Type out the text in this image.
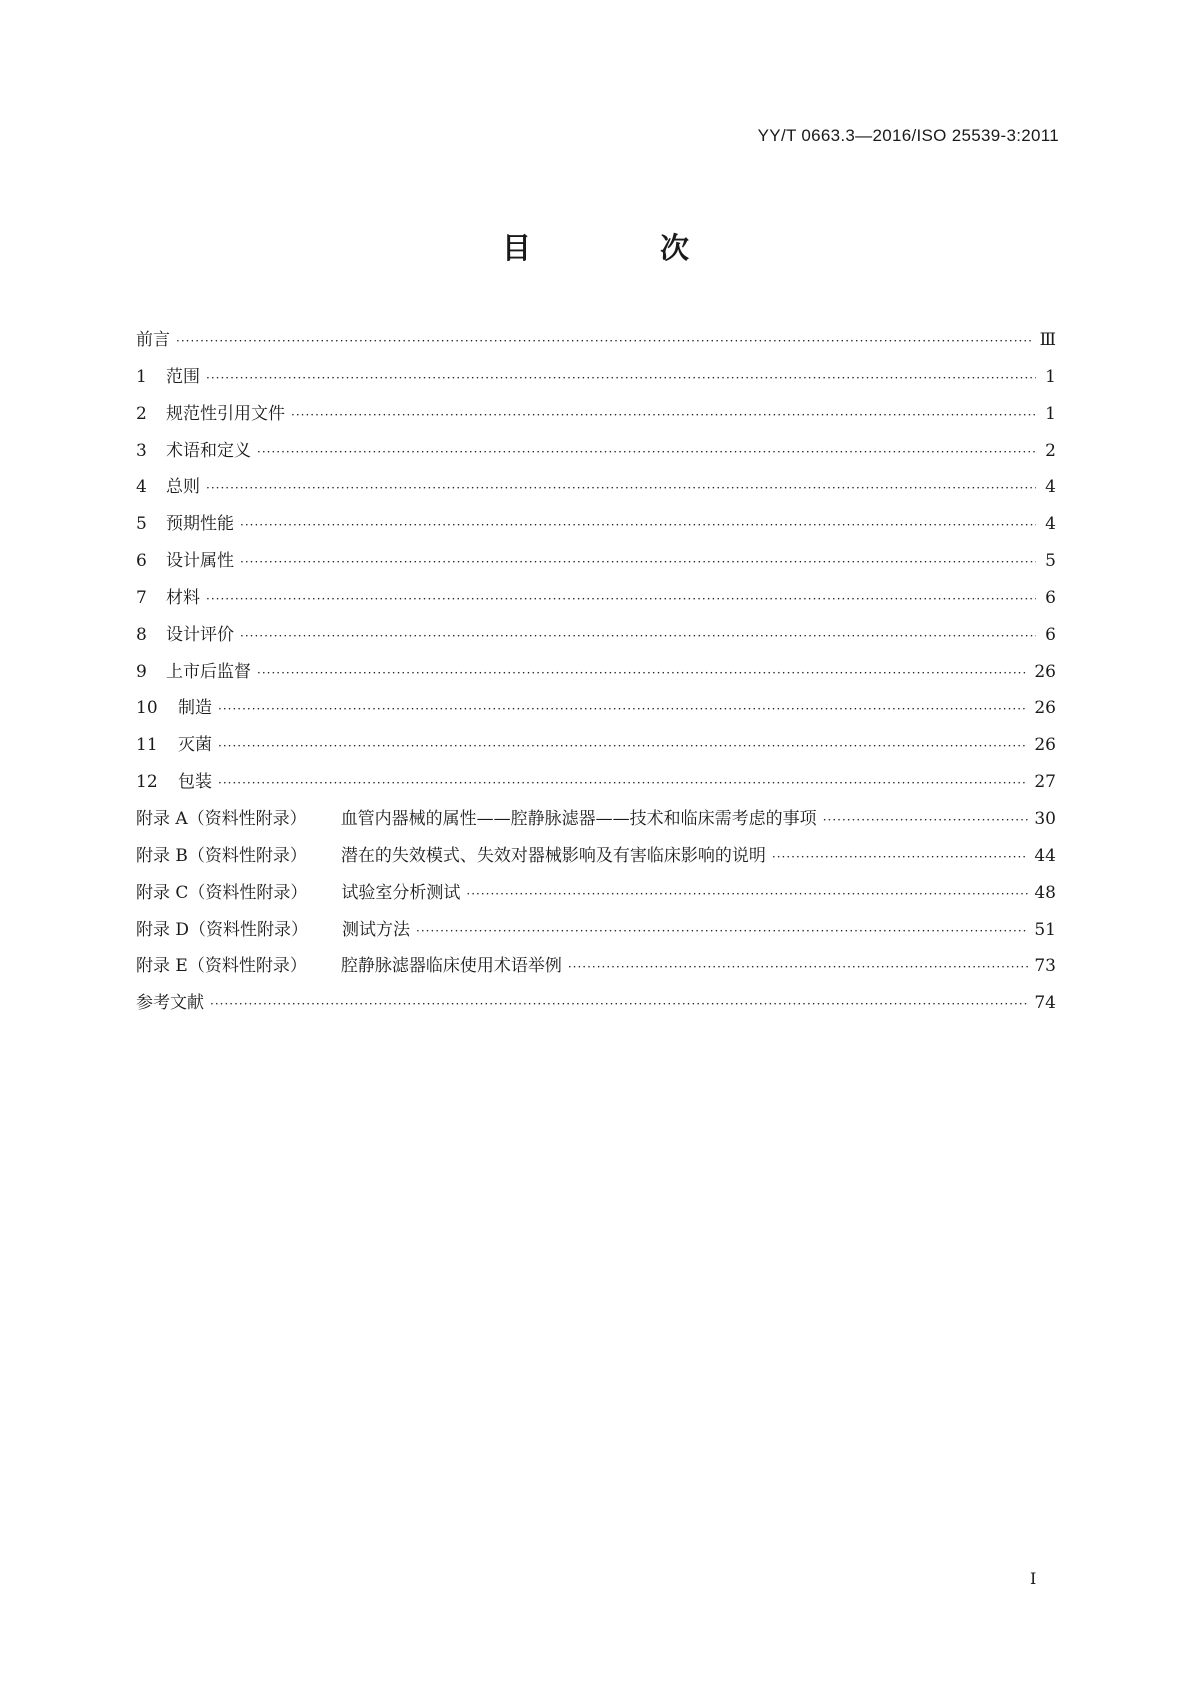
YY/T 0663.3—2016/ISO 25539-3:2011
目　次
前言 ·····	Ⅲ
1	范围 ·····	1
2	规范性引用文件 ·····	1
3	术语和定义 ·····	2
4	总则 ·····	4
5	预期性能 ·····	4
6	设计属性 ·····	5
7	材料 ·····	6
8	设计评价 ·····	6
9	上市后监督 ·····	26
10	制造 ·····	26
11	灭菌 ·····	26
12	包装 ·····	27
附录 A（资料性附录） 血管内器械的属性——腔静脉滤器——技术和临床需考虑的事项 ·····	30
附录 B（资料性附录） 潜在的失效模式、失效对器械影响及有害临床影响的说明 ·····	44
附录 C（资料性附录） 试验室分析测试 ·····	48
附录 D（资料性附录） 测试方法 ·····	51
附录 E（资料性附录） 腔静脉滤器临床使用术语举例 ·····	73
参考文献 ·····	74
I
